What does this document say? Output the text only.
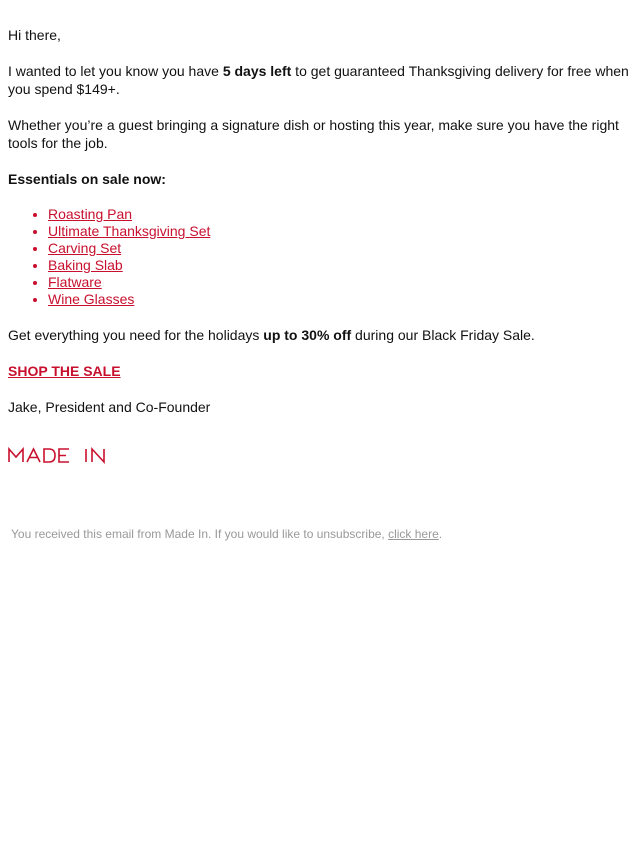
Hi there,

I wanted to let you know you have 5 days left to get guaranteed Thanksgiving delivery for free when you spend $149+.

Whether you’re a guest bringing a signature dish or hosting this year, make sure you have the right tools for the job.

Essentials on sale now:

• Roasting Pan
• Ultimate Thanksgiving Set
• Carving Set
• Baking Slab
• Flatware
• Wine Glasses

Get everything you need for the holidays up to 30% off during our Black Friday Sale.

SHOP THE SALE

Jake, President and Co-Founder

You received this email from Made In. If you would like to unsubscribe, click here.
